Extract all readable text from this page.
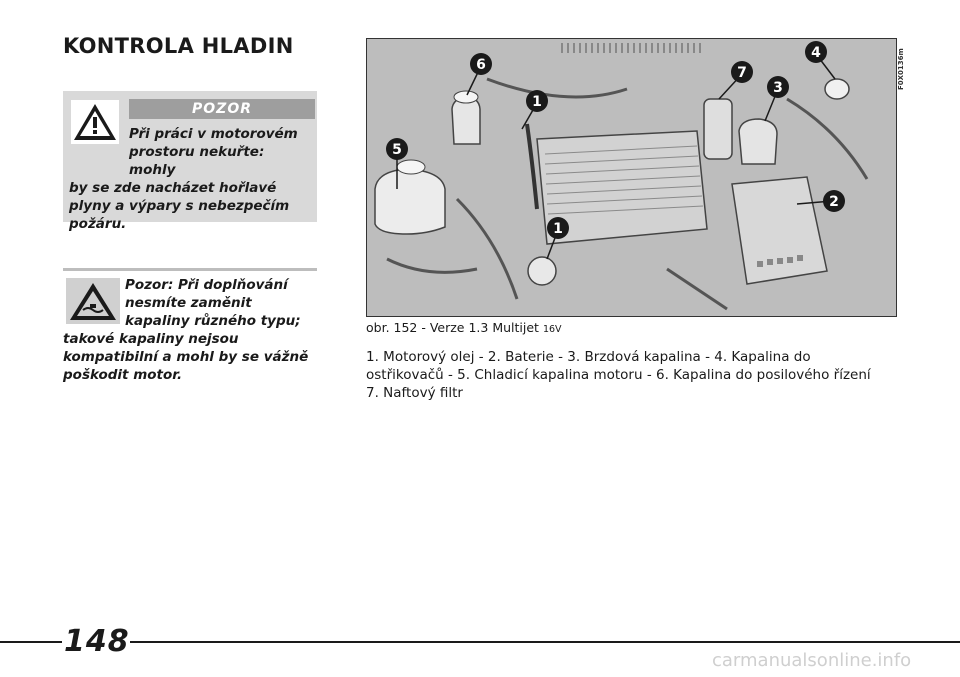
KONTROLA HLADIN
POZOR
Při práci v motorovém
prostoru nekuřte: mohly
by se zde nacházet hořlavé plyny a výpary s nebezpečím požáru.
Pozor: Při doplňování
nesmíte zaměnit
kapaliny různého typu;
takové kapaliny nejsou kompatibilní a mohl by se vážně poškodit motor.
6	7
4
1
3
5
2
1
F0X0136m
obr. 152 - Verze 1.3 Multijet 16V
1. Motorový olej - 2. Baterie - 3. Brzdová kapalina - 4. Kapalina do ostřikovačů - 5. Chladicí kapalina motoru - 6. Kapalina do posilového řízení 7. Naftový filtr
148
carmanualsonline.info
